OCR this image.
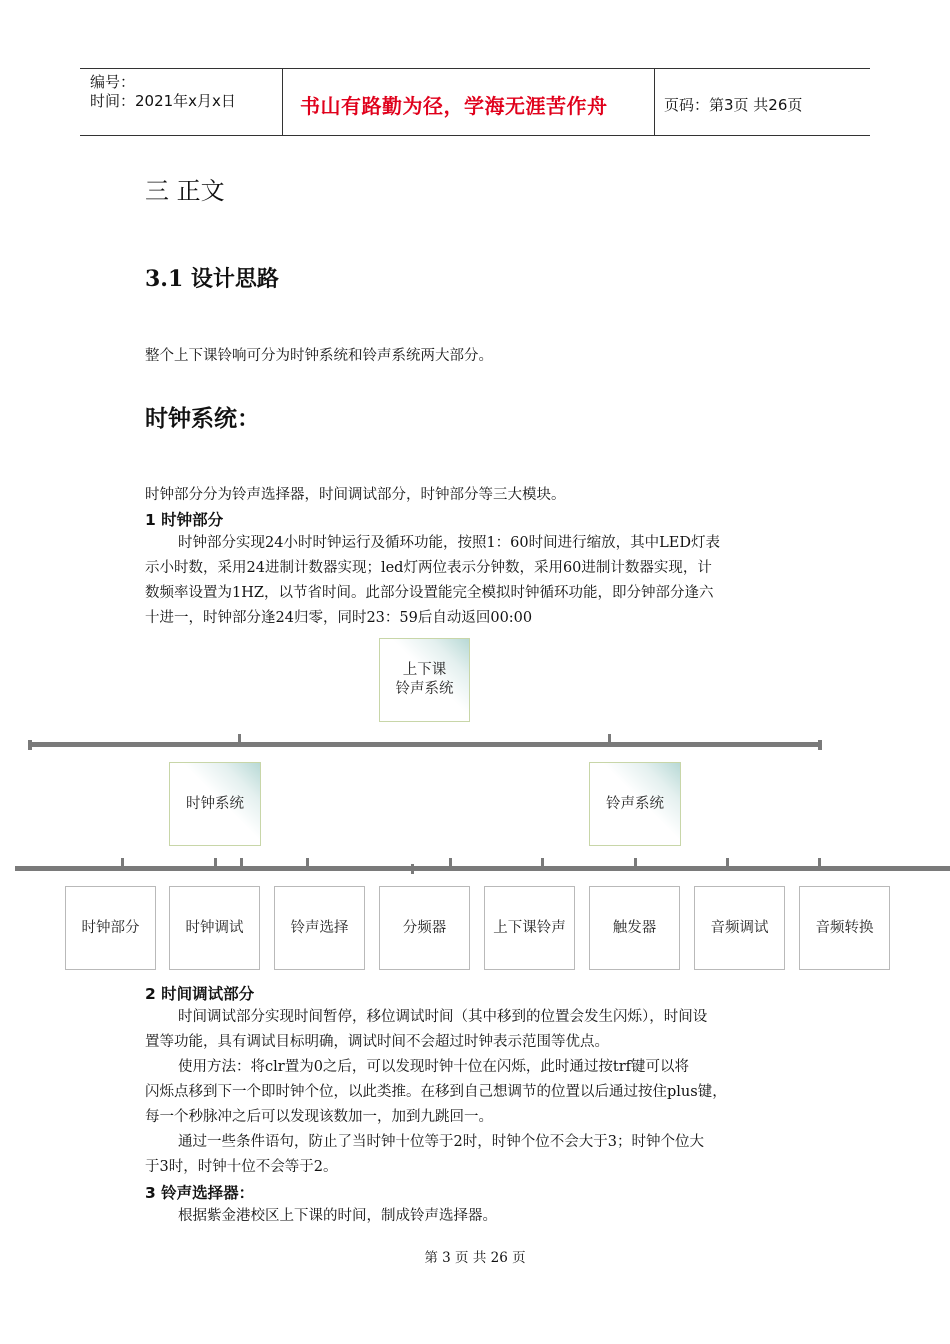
编号：
时间：2021年x月x日	书山有路勤为径，学海无涯苦作舟	页码：第3页 共26页
三 正文
3.1 设计思路
整个上下课铃响可分为时钟系统和铃声系统两大部分。
时钟系统：
时钟部分分为铃声选择器，时间调试部分，时钟部分等三大模块。
1 时钟部分
时钟部分实现24小时时钟运行及循环功能，按照1：60时间进行缩放，其中LED灯表
示小时数，采用24进制计数器实现；led灯两位表示分钟数，采用60进制计数器实现，计
数频率设置为1HZ，以节省时间。此部分设置能完全模拟时钟循环功能，即分钟部分逢六
十进一，时钟部分逢24归零，同时23：59后自动返回00:00
上下课
铃声系统
时钟系统	铃声系统
时钟部分	时钟调试	铃声选择	分频器	上下课铃声	触发器	音频调试	音频转换
2 时间调试部分
时间调试部分实现时间暂停，移位调试时间（其中移到的位置会发生闪烁），时间设
置等功能，具有调试目标明确，调试时间不会超过时钟表示范围等优点。
使用方法：将clr置为0之后，可以发现时钟十位在闪烁，此时通过按trf键可以将
闪烁点移到下一个即时钟个位，以此类推。在移到自己想调节的位置以后通过按住plus键，
每一个秒脉冲之后可以发现该数加一，加到九跳回一。
通过一些条件语句，防止了当时钟十位等于2时，时钟个位不会大于3；时钟个位大
于3时，时钟十位不会等于2。
3 铃声选择器：
根据紫金港校区上下课的时间，制成铃声选择器。
第 3 页 共 26 页
